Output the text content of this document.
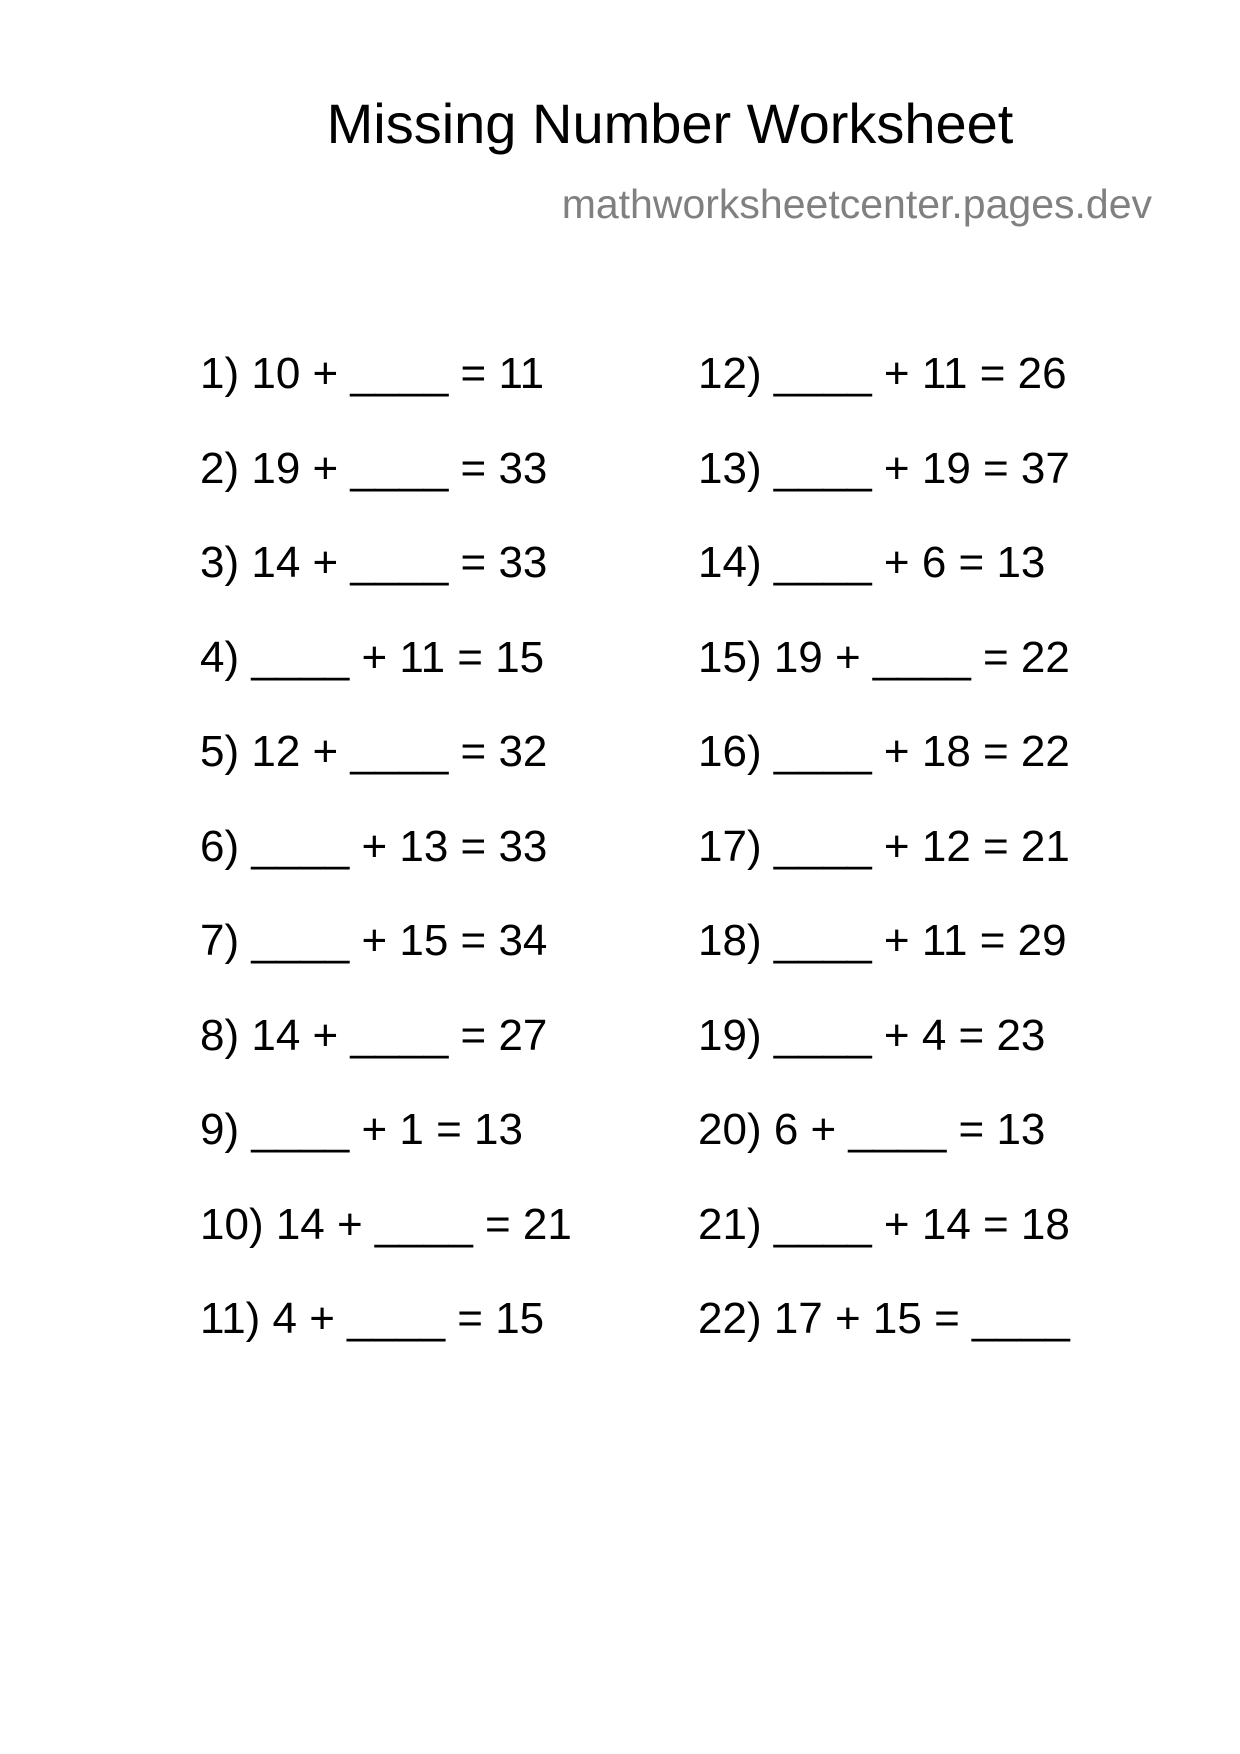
Missing Number Worksheet
mathworksheetcenter.pages.dev
1) 10 + ____ = 11
2) 19 + ____ = 33
3) 14 + ____ = 33
4) ____ + 11 = 15
5) 12 + ____ = 32
6) ____ + 13 = 33
7) ____ + 15 = 34
8) 14 + ____ = 27
9) ____ + 1 = 13
10) 14 + ____ = 21
11) 4 + ____ = 15
12) ____ + 11 = 26
13) ____ + 19 = 37
14) ____ + 6 = 13
15) 19 + ____ = 22
16) ____ + 18 = 22
17) ____ + 12 = 21
18) ____ + 11 = 29
19) ____ + 4 = 23
20) 6 + ____ = 13
21) ____ + 14 = 18
22) 17 + 15 = ____
